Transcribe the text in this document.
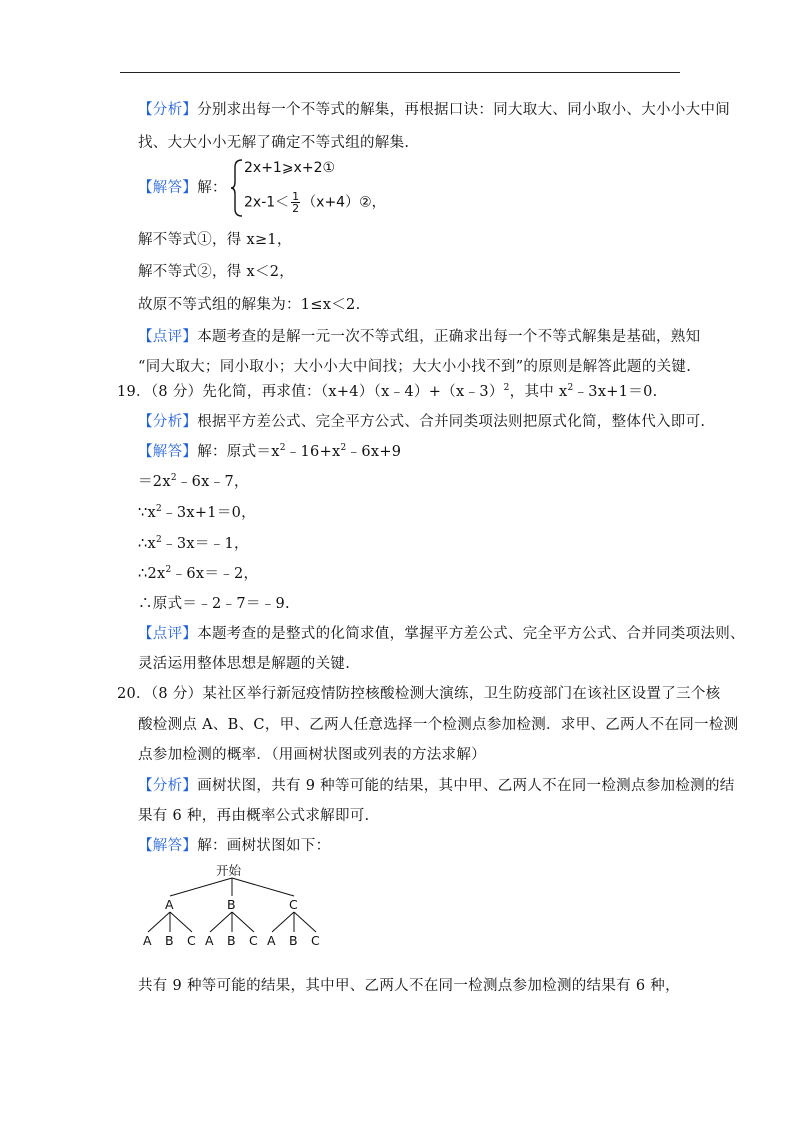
【分析】分别求出每一个不等式的解集，再根据口诀：同大取大、同小取小、大小小大中间
找、大大小小无解了确定不等式组的解集.
【解答】解：
2x+1⩾x+2①
$2x-1< \frac{1}{2}$ （x+4）②，
解不等式①，得 x≥1，
解不等式②，得 x＜2，
故原不等式组的解集为：1≤x＜2.
【点评】本题考查的是解一元一次不等式组，正确求出每一个不等式解集是基础，熟知
“同大取大；同小取小；大小小大中间找；大大小小找不到”的原则是解答此题的关键.
19．（8 分）先化简，再求值：（x+4）（x﹣4）+（x﹣3）$^2$，其中 $x^2﹣3x+1=0$.
【分析】根据平方差公式、完全平方公式、合并同类项法则把原式化简，整体代入即可.
【解答】解：原式$=x^2﹣16+x^2﹣6x+9$
$=2x^2﹣6x﹣7$，
$\because x^2﹣3x+1=0$，
$\therefore x^2﹣3x=﹣1$，
$\therefore 2x^2﹣6x=﹣2$，
∴原式＝﹣2﹣7＝﹣9.
【点评】本题考查的是整式的化简求值，掌握平方差公式、完全平方公式、合并同类项法则、
灵活运用整体思想是解题的关键.
20．（8 分）某社区举行新冠疫情防控核酸检测大演练，卫生防疫部门在该社区设置了三个核
酸检测点 A、B、C，甲、乙两人任意选择一个检测点参加检测．求甲、乙两人不在同一检测
点参加检测的概率．（用画树状图或列表的方法求解）
【分析】画树状图，共有 9 种等可能的结果，其中甲、乙两人不在同一检测点参加检测的结
果有 6 种，再由概率公式求解即可.
【解答】解：画树状图如下：
开始
A	B	C
A B C A B C A B C
共有 9 种等可能的结果，其中甲、乙两人不在同一检测点参加检测的结果有 6 种，
